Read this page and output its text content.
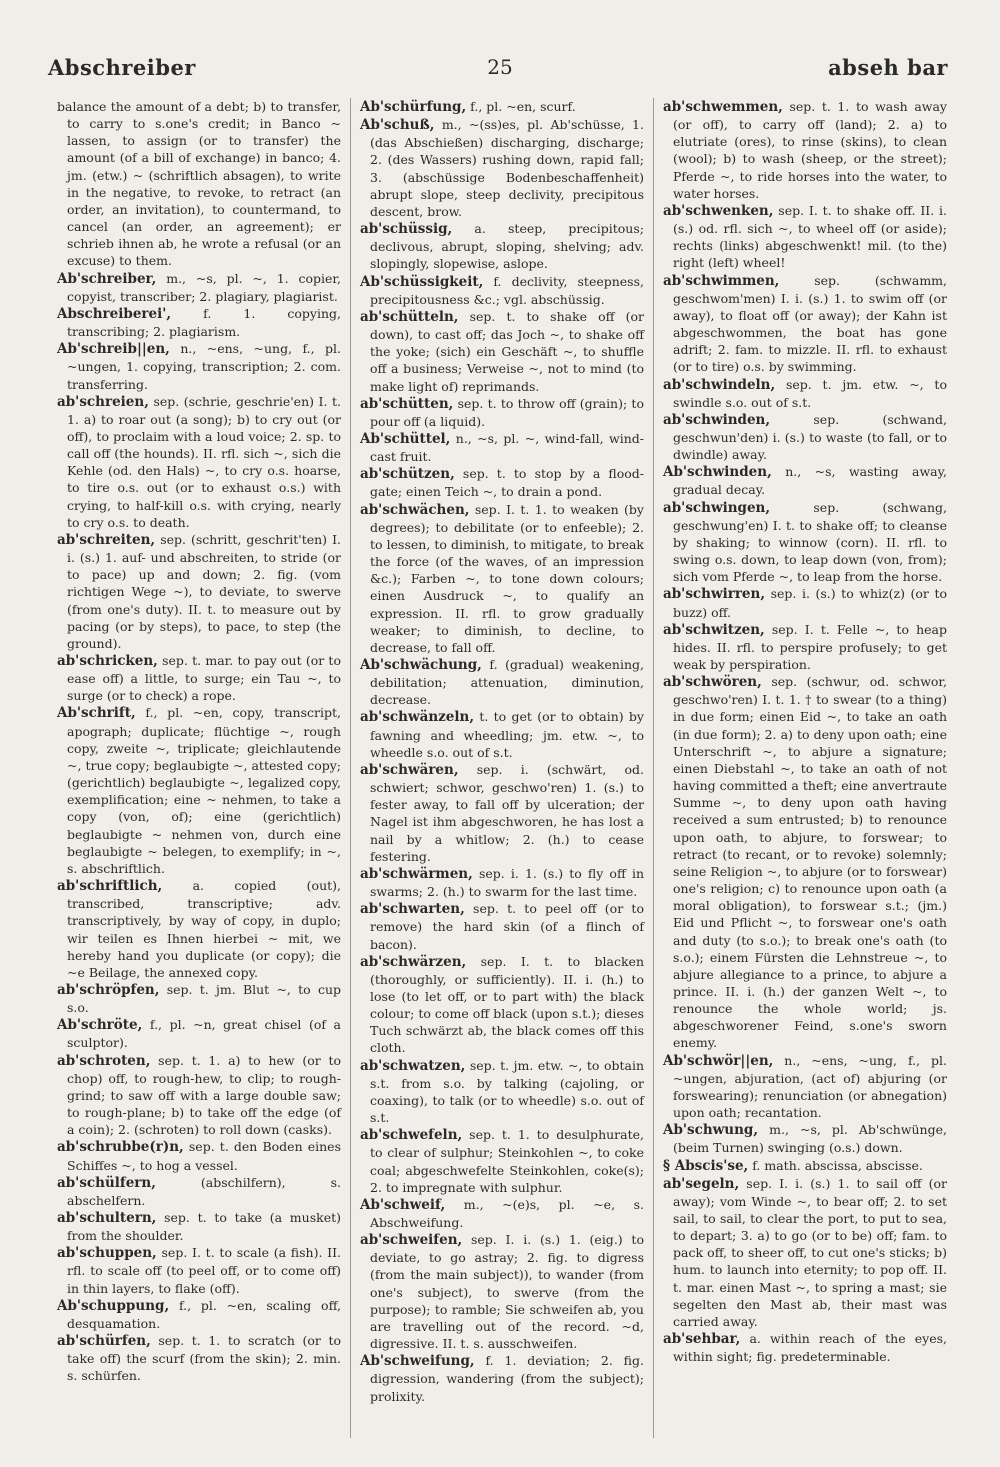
Abschreiber	25	abseh bar

balance the amount of a debt; b) to transfer, to carry to s.one's credit; in Banco ~ lassen, to assign (or to transfer) the amount (of a bill of exchange) in banco; 4. jm. (etw.) ~ (schriftlich absagen), to write in the negative, to revoke, to retract (an order, an invitation), to countermand, to cancel (an order, an agreement); er schrieb ihnen ab, he wrote a refusal (or an excuse) to them.

Ab'schreiber, m., ~s, pl. ~, 1. copier, copyist, transcriber; 2. plagiary, plagiarist.

Abschreiberei',	f. 1. copying, transcribing; 2. plagiarism.

Ab'schreib||en, n., ~ens, ~ung, f., pl. ~ungen, 1. copying, transcription; 2. com. transferring.

ab'schreien, sep. (schrie, geschrie'en) I. t. 1. a) to roar out (a song); b) to cry out (or off), to proclaim with a loud voice; 2. sp. to call off (the hounds). II. rfl. sich ~, sich die Kehle (od. den Hals) ~, to cry o.s. hoarse, to tire o.s. out (or to exhaust o.s.) with crying, to half-kill o.s. with crying, nearly to cry o.s. to death.

ab'schreiten, sep. (schritt, geschrit'ten) I. i. (s.) 1. auf- und abschreiten, to stride (or to pace) up and down; 2. fig. (vom richtigen Wege ~), to deviate, to swerve (from one's duty). II. t. to measure out by pacing (or by steps), to pace, to step (the ground).

ab'schricken, sep. t. mar. to pay out (or to ease off) a little, to surge; ein Tau ~, to surge (or to check) a rope.

Ab'schrift, f., pl. ~en, copy, transcript, apograph; duplicate; flüchtige ~, rough copy, zweite ~, triplicate; gleichlautende ~, true copy; beglaubigte ~, attested copy; (gerichtlich) beglaubigte ~, legalized copy, exemplification; eine ~ nehmen, to take a copy (von, of); eine (gerichtlich) beglaubigte ~ nehmen von, durch eine beglaubigte ~ belegen, to exemplify; in ~, s. abschriftlich.

ab'schriftlich, a. copied (out), transcribed, transcriptive; adv. transcriptively, by way of copy, in duplo; wir teilen es Ihnen hierbei ~ mit, we hereby hand you duplicate (or copy); die ~e Beilage, the annexed copy.

ab'schröpfen, sep. t. jm. Blut ~, to cup s.o.

Ab'schröte, f., pl. ~n, great chisel (of a sculptor).

ab'schroten, sep. t. 1. a) to hew (or to chop) off, to rough-hew, to clip; to rough-grind; to saw off with a large double saw; to rough-plane; b) to take off the edge (of a coin); 2. (schroten) to roll down (casks).

ab'schrubbe(r)n, sep. t. den Boden eines Schiffes ~, to hog a vessel.

ab'schülfern,	(abschilfern), s. abschelfern.

ab'schultern, sep. t. to take (a musket) from the shoulder.

ab'schuppen, sep. I. t. to scale (a fish). II. rfl. to scale off (to peel off, or to come off) in thin layers, to flake (off).

Ab'schuppung, f., pl. ~en, scaling off, desquamation.

ab'schürfen, sep. t. 1. to scratch (or to take off) the scurf (from the skin); 2. min. s. schürfen.

Ab'schürfung, f., pl. ~en, scurf.

Ab'schuß, m., ~(ss)es, pl. Ab'schüsse, 1. (das Abschießen) discharging, discharge; 2. (des Wassers) rushing down, rapid fall; 3. (abschüssige Bodenbeschaffenheit) abrupt slope, steep declivity, precipitous descent, brow.

ab'schüssig, a. steep, precipitous; declivous, abrupt, sloping, shelving; adv. slopingly, slopewise, aslope.

Ab'schüssigkeit, f. declivity, steepness, precipitousness &c.; vgl. abschüssig.

ab'schütteln, sep. t. to shake off (or down), to cast off; das Joch ~, to shake off the yoke; (sich) ein Geschäft ~, to shuffle off a business; Verweise ~, not to mind (to make light of) reprimands.

ab'schütten, sep. t. to throw off (grain); to pour off (a liquid).

Ab'schüttel, n., ~s, pl. ~, wind-fall, wind-cast fruit.

ab'schützen, sep. t. to stop by a flood-gate; einen Teich ~, to drain a pond.

ab'schwächen, sep. I. t. 1. to weaken (by degrees); to debilitate (or to enfeeble); 2. to lessen, to diminish, to mitigate, to break the force (of the waves, of an impression &c.); Farben ~, to tone down colours; einen Ausdruck ~, to qualify an expression. II. rfl. to grow gradually weaker; to diminish, to decline, to decrease, to fall off.

Ab'schwächung, f. (gradual) weakening, debilitation; attenuation, diminution, decrease.

ab'schwänzeln, t. to get (or to obtain) by fawning and wheedling; jm. etw. ~, to wheedle s.o. out of s.t.

ab'schwären, sep. i. (schwärt, od. schwiert; schwor, geschwo'ren) 1. (s.) to fester away, to fall off by ulceration; der Nagel ist ihm abgeschworen, he has lost a nail by a whitlow; 2. (h.) to cease festering.

ab'schwärmen, sep. i. 1. (s.) to fly off in swarms; 2. (h.) to swarm for the last time.

ab'schwarten, sep. t. to peel off (or to remove) the hard skin (of a flinch of bacon).

ab'schwärzen, sep. I. t. to blacken (thoroughly, or sufficiently). II. i. (h.) to lose (to let off, or to part with) the black colour; to come off black (upon s.t.); dieses Tuch schwärzt ab, the black comes off this cloth.

ab'schwatzen, sep. t. jm. etw. ~, to obtain s.t. from s.o. by talking (cajoling, or coaxing), to talk (or to wheedle) s.o. out of s.t.

ab'schwefeln, sep. t. 1. to desulphurate, to clear of sulphur; Steinkohlen ~, to coke coal; abgeschwefelte Steinkohlen, coke(s); 2. to impregnate with sulphur.

Ab'schweif, m., ~(e)s, pl. ~e, s. Abschweifung.

ab'schweifen, sep. I. i. (s.) 1. (eig.) to deviate, to go astray; 2. fig. to digress (from the main subject)), to wander (from one's subject), to swerve (from the purpose); to ramble; Sie schweifen ab, you are travelling out of the record. ~d, digressive. II. t. s. ausschweifen.

Ab'schweifung, f. 1. deviation; 2. fig. digression, wandering (from the subject); prolixity.

ab'schwemmen, sep. t. 1. to wash away (or off), to carry off (land); 2. a) to elutriate (ores), to rinse (skins), to clean (wool); b) to wash (sheep, or the street); Pferde ~, to ride horses into the water, to water horses.

ab'schwenken, sep. I. t. to shake off. II. i. (s.) od. rfl. sich ~, to wheel off (or aside); rechts (links) abgeschwenkt! mil. (to the) right (left) wheel!

ab'schwimmen,	sep. (schwamm, geschwom'men) I. i. (s.) 1. to swim off (or away), to float off (or away); der Kahn ist abgeschwommen, the boat has gone adrift; 2. fam. to mizzle. II. rfl. to exhaust (or to tire) o.s. by swimming.

ab'schwindeln, sep. t. jm. etw. ~, to swindle s.o. out of s.t.

ab'schwinden,	sep. (schwand, geschwun'den) i. (s.) to waste (to fall, or to dwindle) away.

Ab'schwinden, n., ~s, wasting away, gradual decay.

ab'schwingen,	sep. (schwang, geschwung'en) I. t. to shake off; to cleanse by shaking; to winnow (corn). II. rfl. to swing o.s. down, to leap down (von, from); sich vom Pferde ~, to leap from the horse.

ab'schwirren, sep. i. (s.) to whiz(z) (or to buzz) off.

ab'schwitzen, sep. I. t. Felle ~, to heap hides. II. rfl. to perspire profusely; to get weak by perspiration.

ab'schwören, sep. (schwur, od. schwor, geschwo'ren) I. t. 1. † to swear (to a thing) in due form; einen Eid ~, to take an oath (in due form); 2. a) to deny upon oath; eine Unterschrift ~, to abjure a signature; einen Diebstahl ~, to take an oath of not having committed a theft; eine anvertraute Summe ~, to deny upon oath having received a sum entrusted; b) to renounce upon oath, to abjure, to forswear; to retract (to recant, or to revoke) solemnly; seine Religion ~, to abjure (or to forswear) one's religion; c) to renounce upon oath (a moral obligation), to forswear s.t.; (jm.) Eid und Pflicht ~, to forswear one's oath and duty (to s.o.); to break one's oath (to s.o.); einem Fürsten die Lehnstreue ~, to abjure allegiance to a prince, to abjure a prince. II. i. (h.) der ganzen Welt ~, to renounce the whole world; js. abgeschworener Feind, s.one's sworn enemy.

Ab'schwör||en, n., ~ens, ~ung, f., pl. ~ungen, abjuration, (act of) abjuring (or forswearing); renunciation (or abnegation) upon oath; recantation.

Ab'schwung, m., ~s, pl. Ab'schwünge, (beim Turnen) swinging (o.s.) down.

§ Abscis'se, f. math. abscissa, abscisse.

ab'segeln, sep. I. i. (s.) 1. to sail off (or away); vom Winde ~, to bear off; 2. to set sail, to sail, to clear the port, to put to sea, to depart; 3. a) to go (or to be) off; fam. to pack off, to sheer off, to cut one's sticks; b) hum. to launch into eternity; to pop off. II. t. mar. einen Mast ~, to spring a mast; sie segelten den Mast ab, their mast was carried away.

ab'sehbar, a. within reach of the eyes, within sight; fig. predeterminable.
